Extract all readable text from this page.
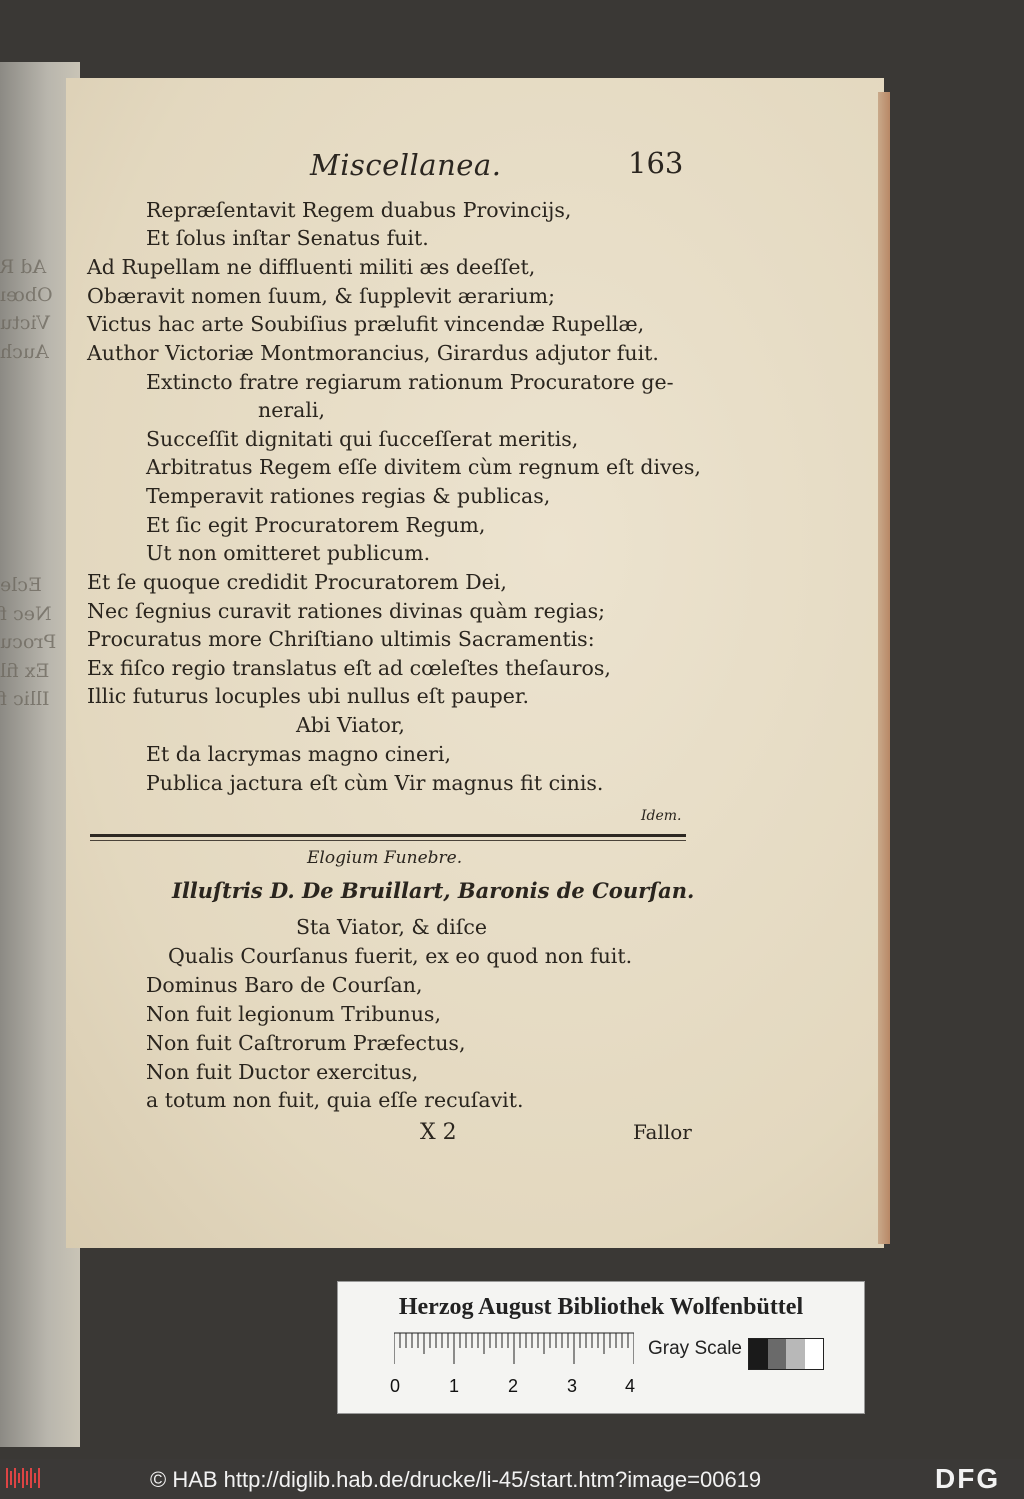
Ad R
Obœı
Victu
Auch
Ecle
Nec f
Procu
Ex fil
Illic f
Miscellanea.	163
Repræſentavit Regem duabus Provincijs,
Et ſolus inſtar Senatus fuit.
Ad Rupellam ne diffluenti militi æs deeſſet,
Obæravit nomen ſuum, & ſupplevit ærarium;
Victus hac arte Soubiſius prælufit vincendæ Rupellæ,
Author Victoriæ Montmorancius, Girardus adjutor fuit.
Extincto fratre regiarum rationum Procuratore ge-
nerali,
Succeſſit dignitati qui ſucceſſerat meritis,
Arbitratus Regem eſſe divitem cùm regnum eſt dives,
Temperavit rationes regias & publicas,
Et ſic egit Procuratorem Regum,
Ut non omitteret publicum.
Et ſe quoque credidit Procuratorem Dei,
Nec ſegnius curavit rationes divinas quàm regias;
Procuratus more Chriſtiano ultimis Sacramentis:
Ex fiſco regio translatus eſt ad cœleſtes theſauros,
Illic futurus locuples ubi nullus eſt pauper.
Abi Viator,
Et da lacrymas magno cineri,
Publica jactura eſt cùm Vir magnus fit cinis.
Idem.
Elogium Funebre.
Illuſtris D. De Bruillart, Baronis de Courſan.
Sta Viator, & diſce
Qualis Courſanus fuerit, ex eo quod non fuit.
Dominus Baro de Courſan,
Non fuit legionum Tribunus,
Non fuit Caſtrorum Præfectus,
Non fuit Ductor exercitus,
a totum non fuit, quia eſſe recuſavit.
X 2	Fallor
Herzog August Bibliothek Wolfenbüttel
0	1	2	3	4
Gray Scale
© HAB http://diglib.hab.de/drucke/li-45/start.htm?image=00619	DFG
